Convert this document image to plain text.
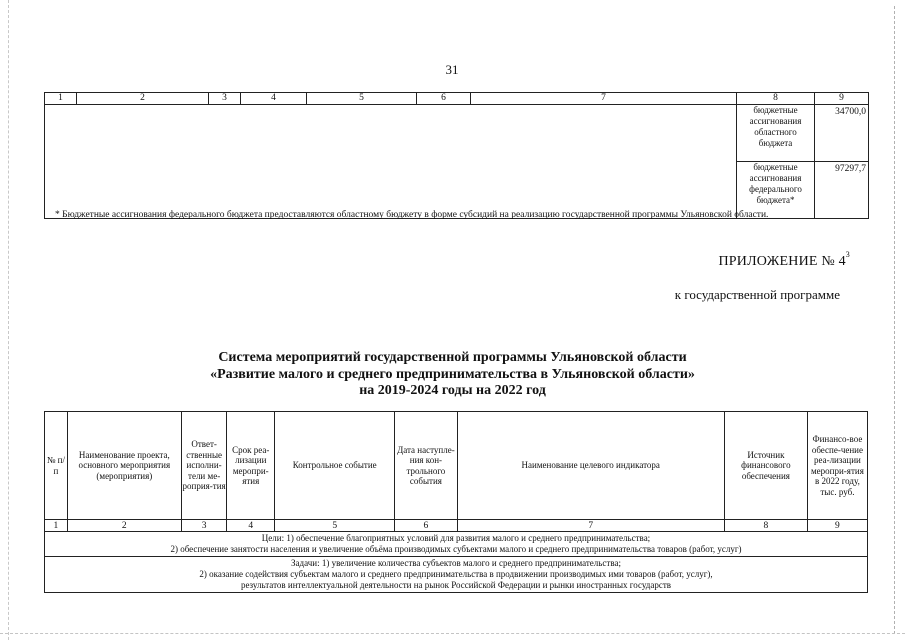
31
1	2	3	4	5	6	7	8	9
							бюджетные ассигнования областного бюджета	34700,0
							бюджетные ассигнования федерального бюджета*	97297,7
* Бюджетные ассигнования федерального бюджета предоставляются областному бюджету в форме субсидий на реализацию государственной программы Ульяновской области.
ПРИЛОЖЕНИЕ № $4^3$
к государственной программе
Система мероприятий государственной программы Ульяновской области
«Развитие малого и среднего предпринимательства в Ульяновской области»
на 2019-2024 годы на 2022 год
№ п/п	Наименование проекта, основного мероприятия (мероприятия)	Ответ-ственные исполни-тели ме-роприя-тия	Срок реа-лизации меропри-ятия	Контрольное событие	Дата наступле-ния кон-трольного события	Наименование целевого индикатора	Источник финансового обеспечения	Финансо-вое обеспе-чение реа-лизации меропри-ятия в 2022 году, тыс. руб.
1	2	3	4	5	6	7	8	9

Цели: 1) обеспечение благоприятных условий для развития малого и среднего предпринимательства;
2) обеспечение занятости населения и увеличение объёма производимых субъектами малого и среднего предпринимательства товаров (работ, услуг)								

Задачи: 1) увеличение количества субъектов малого и среднего предпринимательства;
2) оказание содействия субъектам малого и среднего предпринимательства в продвижении производимых ими товаров (работ, услуг),
результатов интеллектуальной деятельности на рынок Российской Федерации и рынки иностранных государств								
